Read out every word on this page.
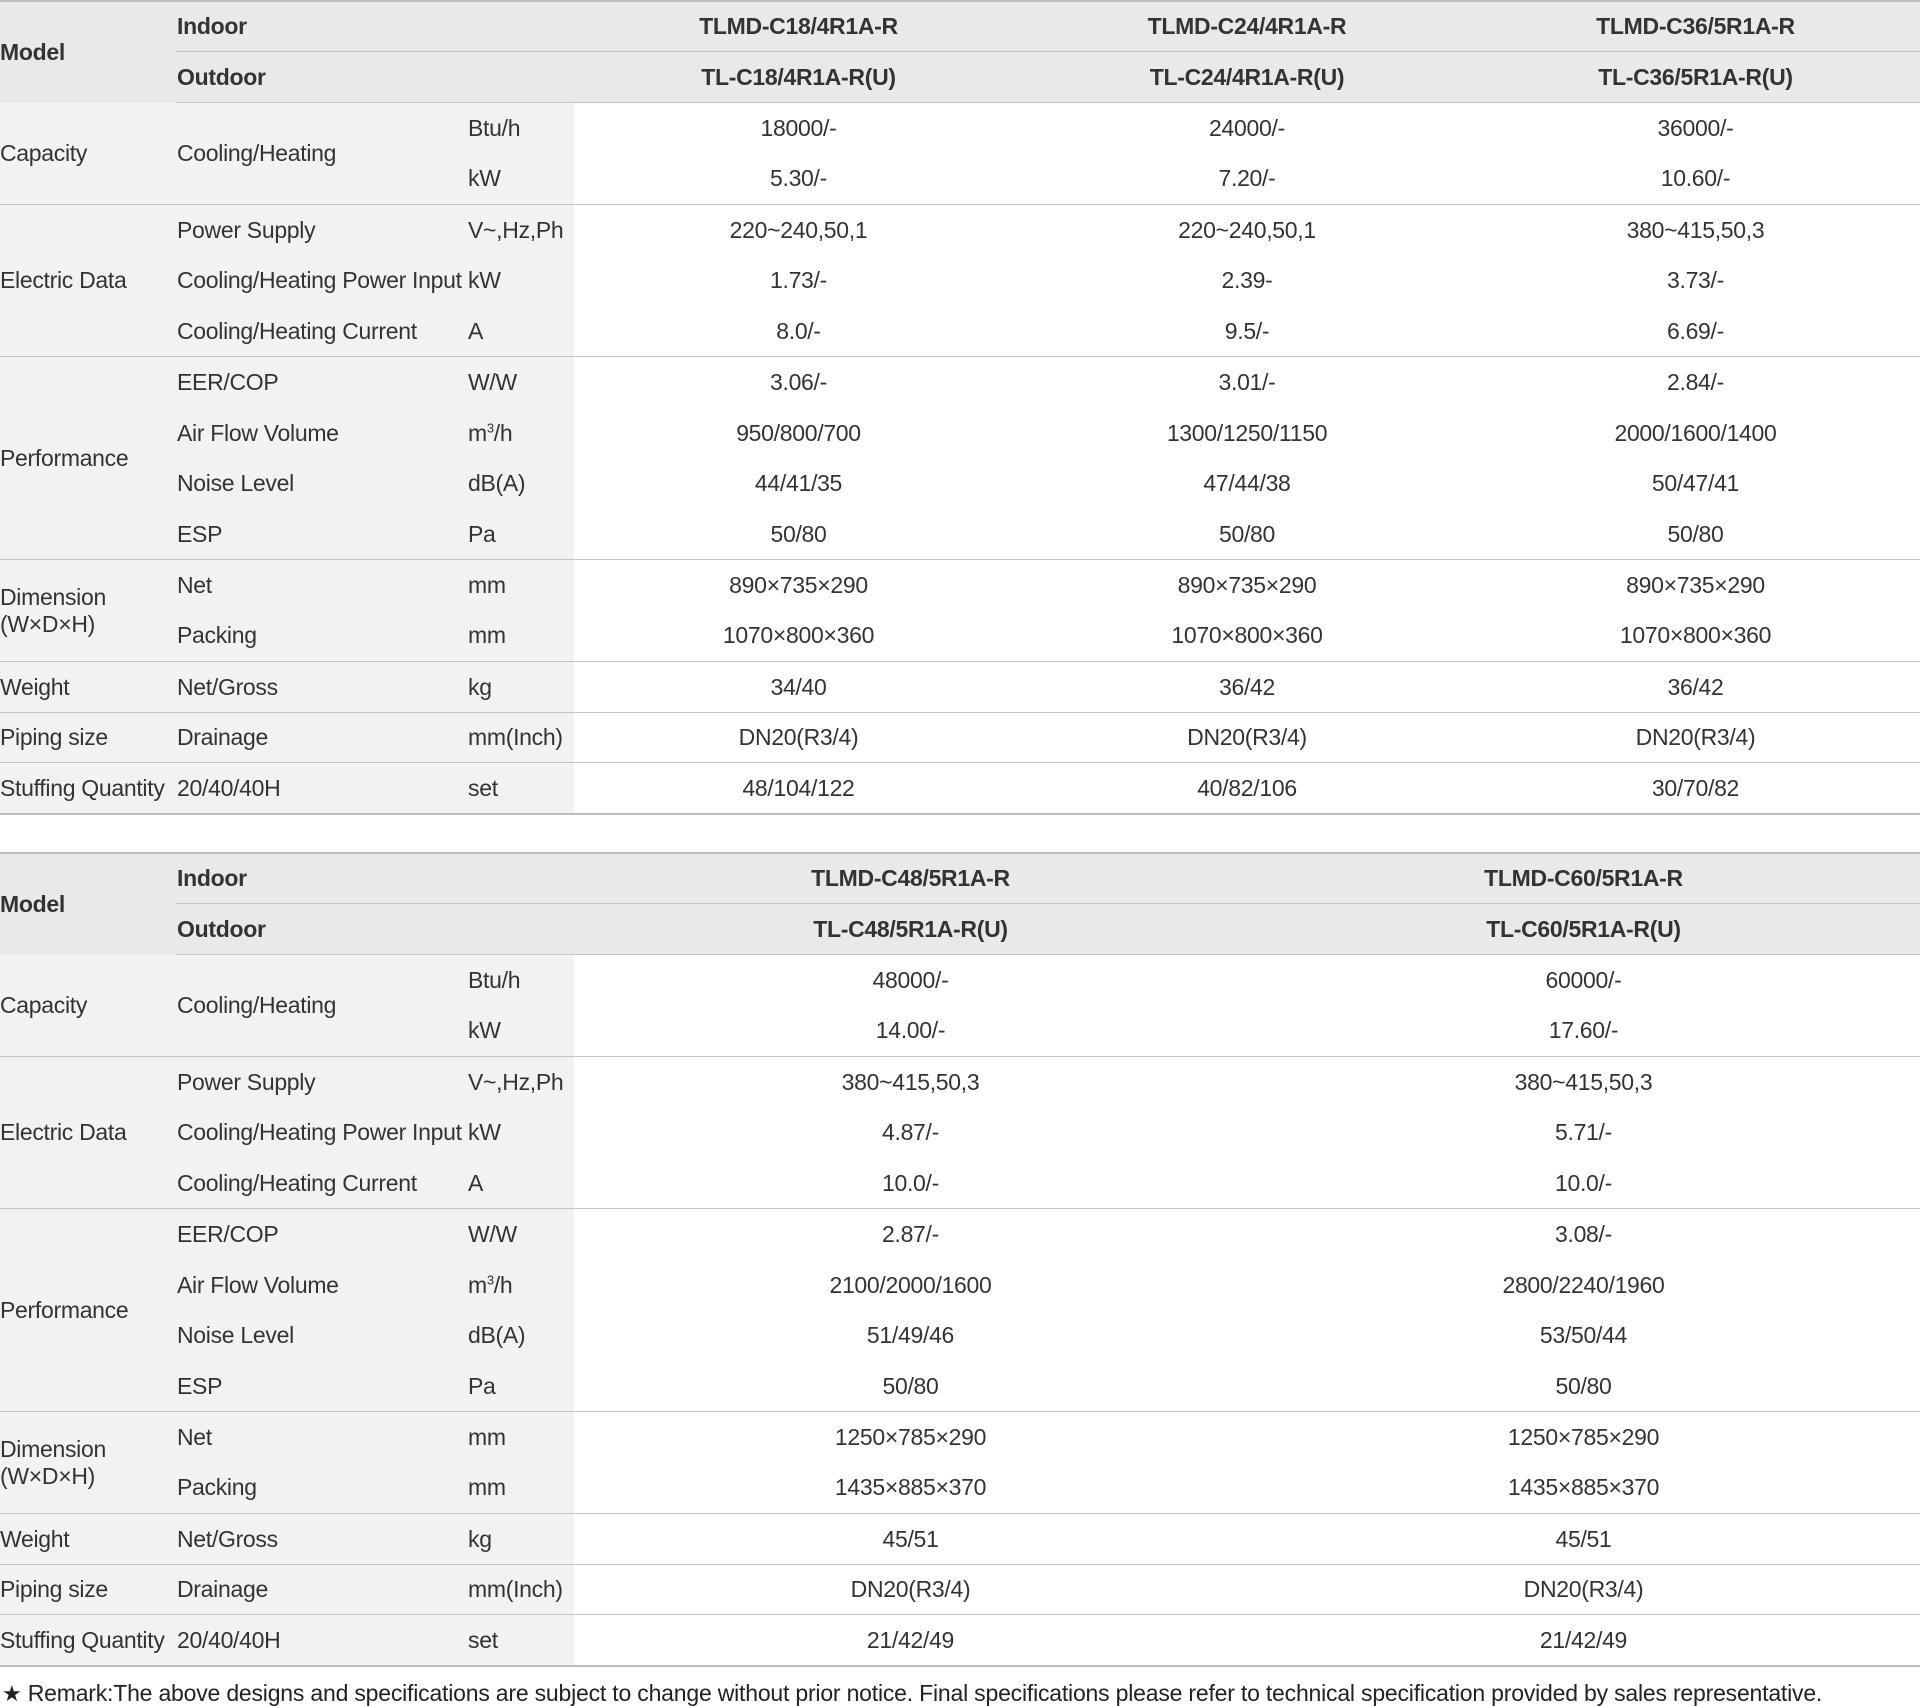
Model	Indoor		TLMD-C18/4R1A-R	TLMD-C24/4R1A-R	TLMD-C36/5R1A-R
	Outdoor		TL-C18/4R1A-R(U)	TL-C24/4R1A-R(U)	TL-C36/5R1A-R(U)
Capacity	Cooling/Heating	Btu/h	18000/-	24000/-	36000/-
		kW	5.30/-	7.20/-	10.60/-
Electric Data	Power Supply	V~,Hz,Ph	220~240,50,1	220~240,50,1	380~415,50,3
	Cooling/Heating Power Input	kW	1.73/-	2.39-	3.73/-
	Cooling/Heating Current	A	8.0/-	9.5/-	6.69/-
Performance	EER/COP	W/W	3.06/-	3.01/-	2.84/-
	Air Flow Volume	$m^3/h$	950/800/700	1300/1250/1150	2000/1600/1400
	Noise Level	dB(A)	44/41/35	47/44/38	50/47/41
	ESP	Pa	50/80	50/80	50/80
Dimension
(W×D×H)	Net	mm	890×735×290	890×735×290	890×735×290
	Packing	mm	1070×800×360	1070×800×360	1070×800×360
Weight	Net/Gross	kg	34/40	36/42	36/42
Piping size	Drainage	mm(Inch)	DN20(R3/4)	DN20(R3/4)	DN20(R3/4)
Stuffing Quantity	20/40/40H	set	48/104/122	40/82/106	30/70/82
Model	Indoor		TLMD-C48/5R1A-R	TLMD-C60/5R1A-R
	Outdoor		TL-C48/5R1A-R(U)	TL-C60/5R1A-R(U)
Capacity	Cooling/Heating	Btu/h	48000/-	60000/-
		kW	14.00/-	17.60/-
Electric Data	Power Supply	V~,Hz,Ph	380~415,50,3	380~415,50,3
	Cooling/Heating Power Input	kW	4.87/-	5.71/-
	Cooling/Heating Current	A	10.0/-	10.0/-
Performance	EER/COP	W/W	2.87/-	3.08/-
	Air Flow Volume	$m^3/h$	2100/2000/1600	2800/2240/1960
	Noise Level	dB(A)	51/49/46	53/50/44
	ESP	Pa	50/80	50/80
Dimension
(W×D×H)	Net	mm	1250×785×290	1250×785×290
	Packing	mm	1435×885×370	1435×885×370
Weight	Net/Gross	kg	45/51	45/51
Piping size	Drainage	mm(Inch)	DN20(R3/4)	DN20(R3/4)
Stuffing Quantity	20/40/40H	set	21/42/49	21/42/49
★ Remark:The above designs and specifications are subject to change without prior notice. Final specifications please refer to technical specification provided by sales representative.
